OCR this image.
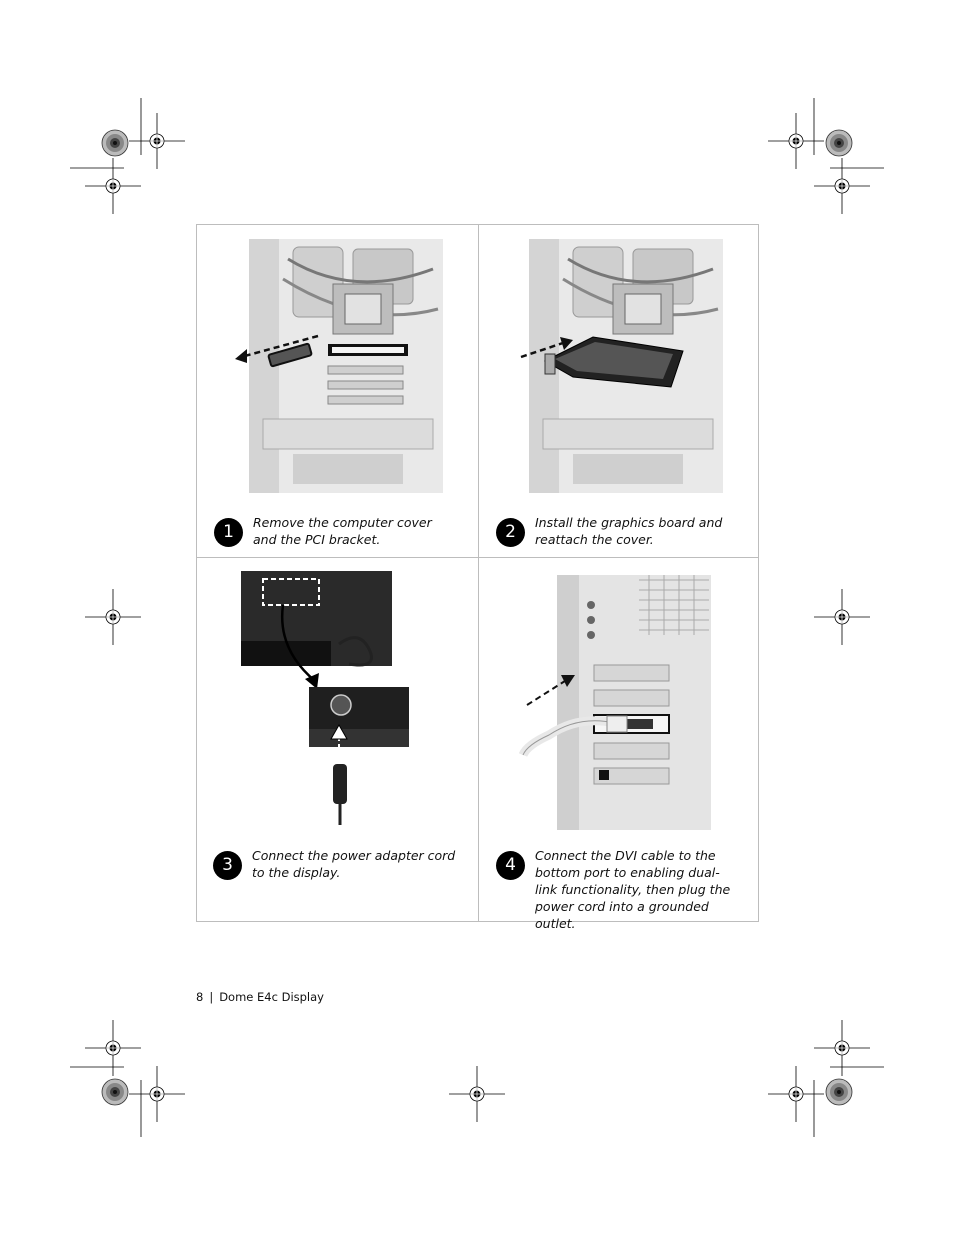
1	Remove the computer cover and the PCI bracket.	2	Install the graphics board and reattach the cover.
3	Connect the power adapter cord to the display.	4	Connect the DVI cable to the bottom port to enabling dual-link functionality, then plug the power cord into a grounded outlet.
8 | Dome E4c Display
